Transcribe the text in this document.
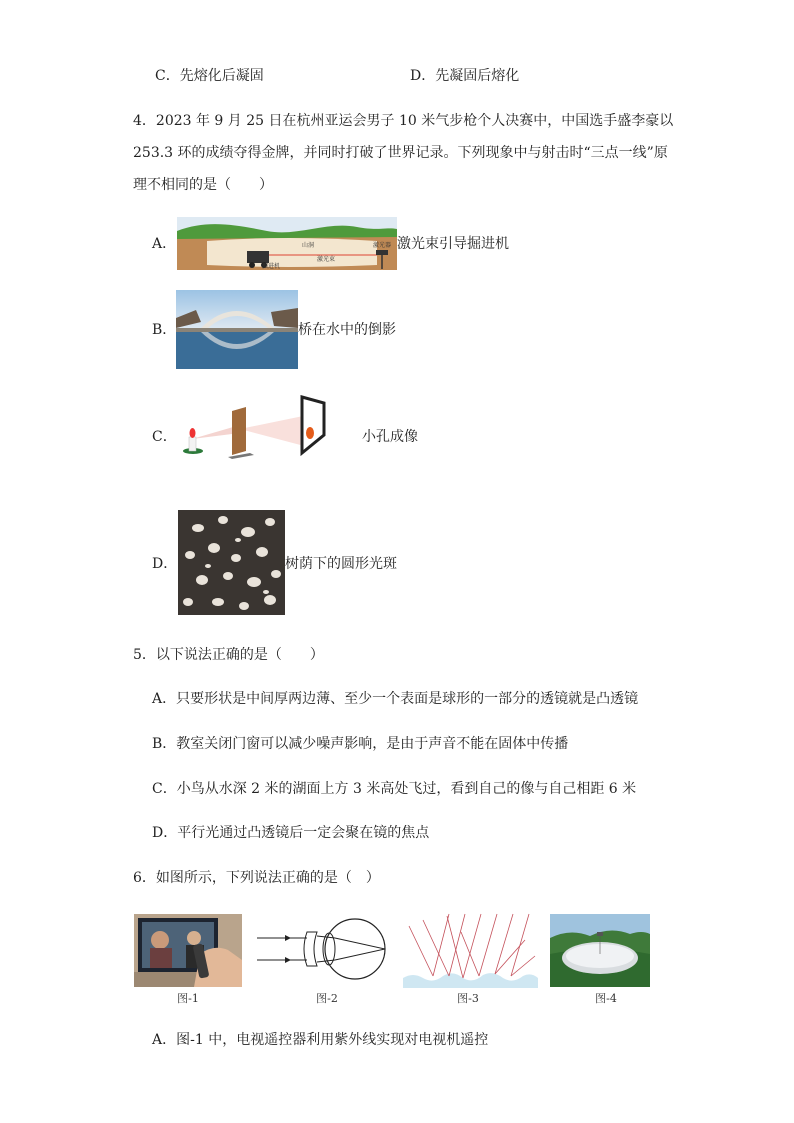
C．先熔化后凝固	D．先凝固后熔化
4．2023 年 9 月 25 日在杭州亚运会男子 10 米气步枪个人决赛中，中国选手盛李豪以
253.3 环的成绩夺得金牌，并同时打破了世界记录。下列现象中与射击时“三点一线”原
理不相同的是（　　）
A．	山洞
激光束
掘进机
激光器 激光束引导掘进机
B．	桥在水中的倒影
C．	小孔成像
D．	树荫下的圆形光斑
5．以下说法正确的是（　　）
A．只要形状是中间厚两边薄、至少一个表面是球形的一部分的透镜就是凸透镜
B．教室关闭门窗可以减少噪声影响，是由于声音不能在固体中传播
C．小鸟从水深 2 米的湖面上方 3 米高处飞过，看到自己的像与自己相距 6 米
D．平行光通过凸透镜后一定会聚在镜的焦点
6．如图所示，下列说法正确的是（　）
图-1	图-2	图-3	图-4
A．图-1 中，电视遥控器利用紫外线实现对电视机遥控
